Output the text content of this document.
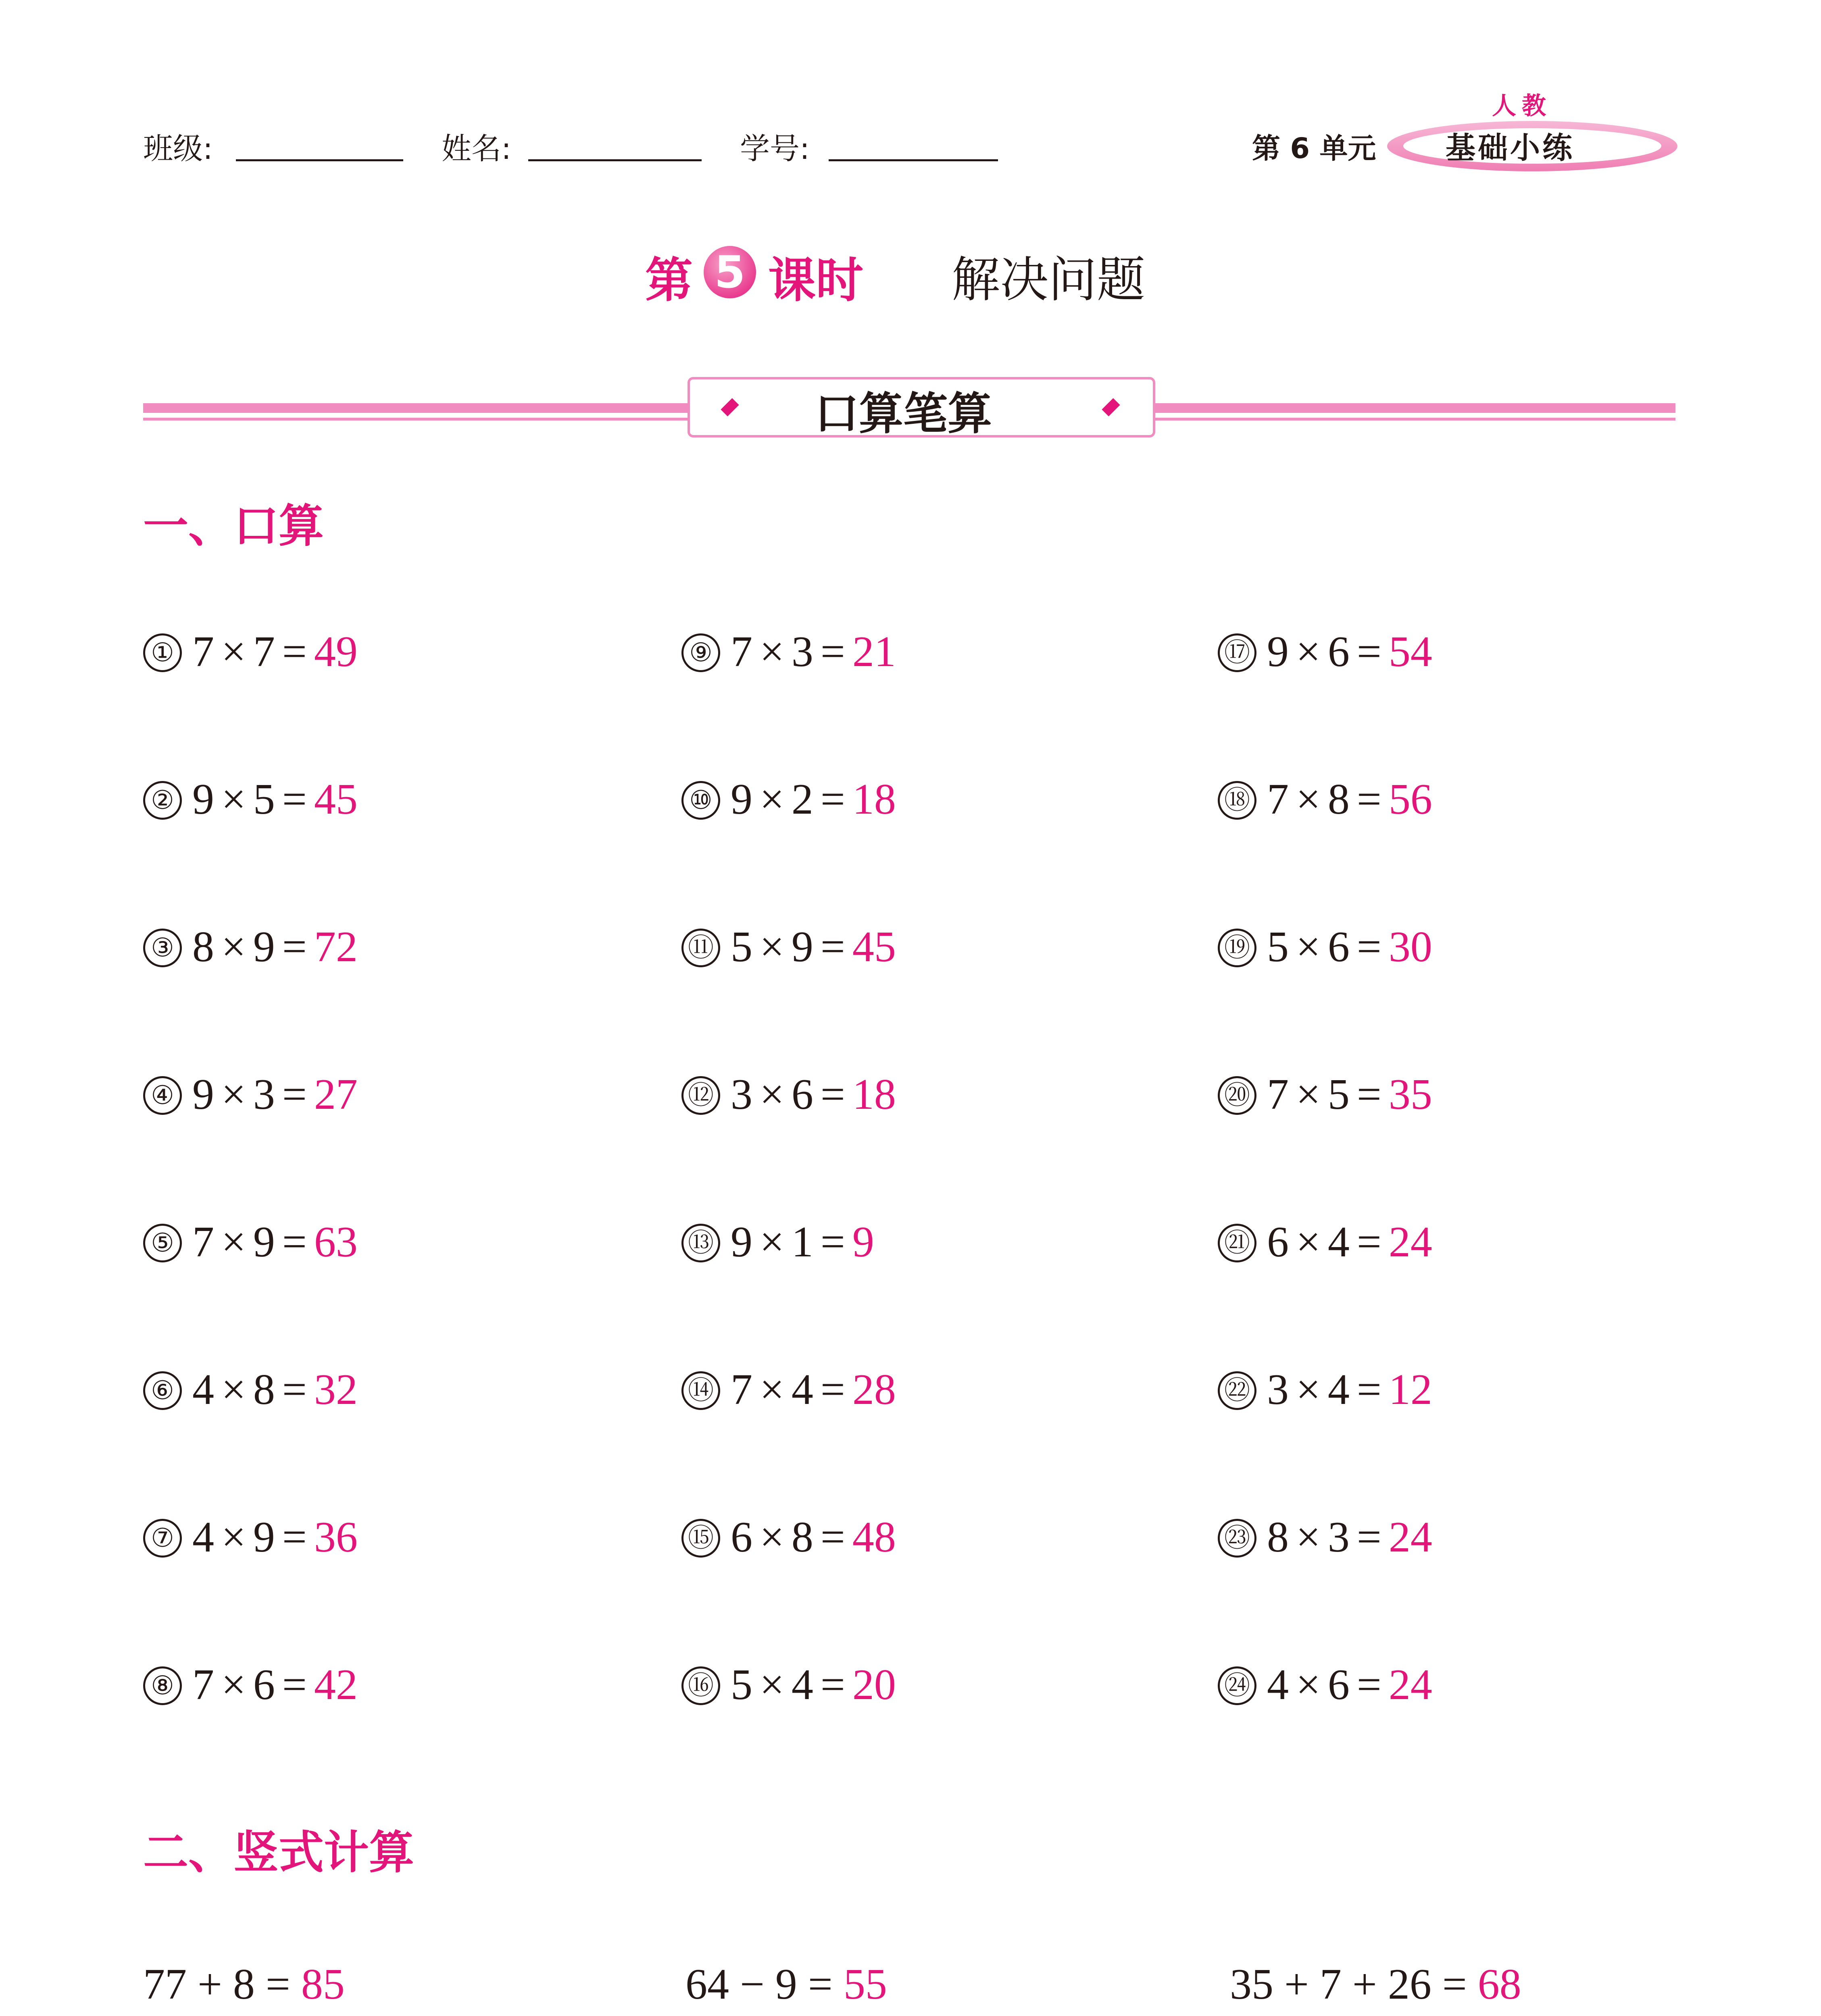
班级:	姓名:	学号:	第 6 单元
人教
基础小练
第 5 课时 解决问题
口算笔算
一、口算
① 7 × 7 = 49
② 9 × 5 = 45
③ 8 × 9 = 72
④ 9 × 3 = 27
⑤ 7 × 9 = 63
⑥ 4 × 8 = 32
⑦ 4 × 9 = 36
⑧ 7 × 6 = 42
⑨ 7 × 3 = 21
⑩ 9 × 2 = 18
⑪ 5 × 9 = 45
⑫ 3 × 6 = 18
⑬ 9 × 1 = 9
⑭ 7 × 4 = 28
⑮ 6 × 8 = 48
⑯ 5 × 4 = 20
⑰ 9 × 6 = 54
⑱ 7 × 8 = 56
⑲ 5 × 6 = 30
⑳ 7 × 5 = 35
㉑ 6 × 4 = 24
㉒ 3 × 4 = 12
㉓ 8 × 3 = 24
㉔ 4 × 6 = 24
二、竖式计算
77 + 8 = 85	64 − 9 = 55	35 + 7 + 26 = 68
